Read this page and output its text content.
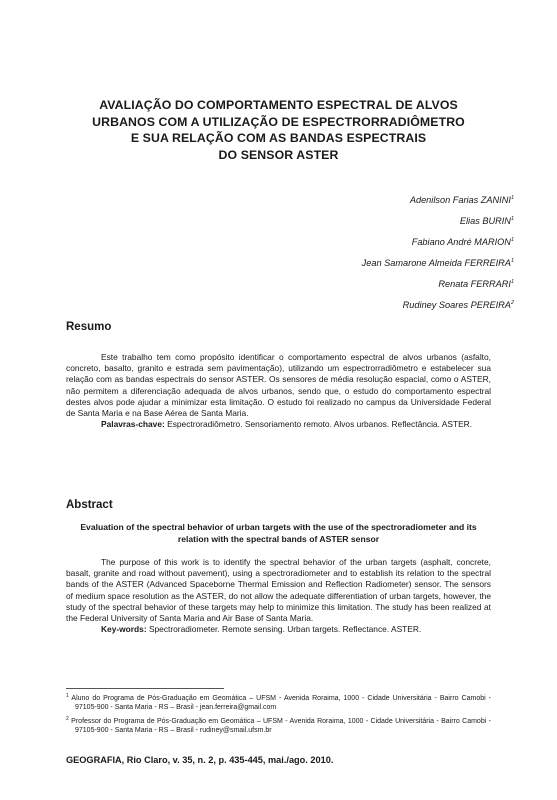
AVALIAÇÃO DO COMPORTAMENTO ESPECTRAL DE ALVOS
URBANOS COM A UTILIZAÇÃO DE ESPECTRORRADIÔMETRO
E SUA RELAÇÃO COM AS BANDAS ESPECTRAIS
DO SENSOR ASTER
Adenilson Farias ZANINI$^1$
Elias BURIN$^1$
Fabiano André MARION$^1$
Jean Samarone Almeida FERREIRA$^1$
Renata FERRARI$^1$
Rudiney Soares PEREIRA$^2$
Resumo

Este trabalho tem como propósito identificar o comportamento espectral de alvos urbanos (asfalto, concreto, basalto, granito e estrada sem pavimentação), utilizando um espectrorradiômetro e estabelecer sua relação com as bandas espectrais do sensor ASTER. Os sensores de média resolução espacial, como o ASTER, não permitem a diferenciação adequada de alvos urbanos, sendo que, o estudo do comportamento espectral destes alvos pode ajudar a minimizar esta limitação. O estudo foi realizado no campus da Universidade Federal de Santa Maria e na Base Aérea de Santa Maria.

Palavras-chave: Espectroradiômetro. Sensoriamento remoto. Alvos urbanos. Reflectância. ASTER.

Abstract
Evaluation of the spectral behavior of urban targets with the use of the spectroradiometer and its relation with the spectral bands of ASTER sensor

The purpose of this work is to identify the spectral behavior of the urban targets (asphalt, concrete, basalt, granite and road without pavement), using a spectroradiometer and to establish its relation to the spectral bands of the ASTER (Advanced Spaceborne Thermal Emission and Reflection Radiometer) sensor. The sensors of medium space resolution as the ASTER, do not allow the adequate differentiation of urban targets, however, the study of the spectral behavior of these targets may help to minimize this limitation. The study has been realized at the Federal University of Santa Maria and Air Base of Santa Maria.

Key-words: Spectroradiometer. Remote sensing. Urban targets. Reflectance. ASTER.

$^1$ Aluno do Programa de Pós-Graduação em Geomática – UFSM - Avenida Roraima, 1000 - Cidade Universitária - Bairro Camobi - 97105-900 - Santa Maria - RS – Brasil - jean.ferreira@gmail.com

$^2$ Professor do Programa de Pós-Graduação em Geomática – UFSM - Avenida Roraima, 1000 - Cidade Universitária - Bairro Camobi - 97105-900 - Santa Maria - RS – Brasil - rudiney@smail.ufsm.br

GEOGRAFIA, Rio Claro, v. 35, n. 2, p. 435-445, mai./ago. 2010.
